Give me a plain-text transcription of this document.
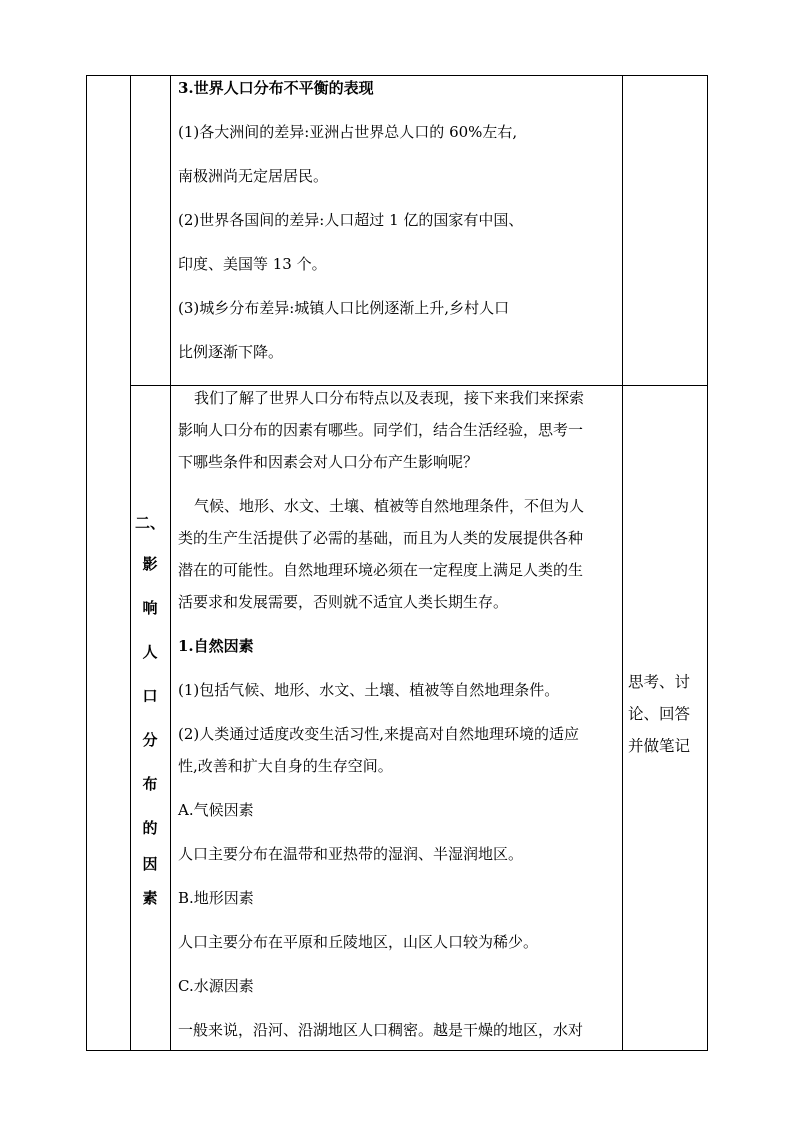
3.世界人口分布不平衡的表现
(1)各大洲间的差异:亚洲占世界总人口的 60%左右,
南极洲尚无定居居民。
(2)世界各国间的差异:人口超过 1 亿的国家有中国、
印度、美国等 13 个。
(3)城乡分布差异:城镇人口比例逐渐上升,乡村人口
比例逐渐下降。
二、
影
响
人
口
分
布
的
因
素
我们了解了世界人口分布特点以及表现，接下来我们来探索
影响人口分布的因素有哪些。同学们，结合生活经验，思考一
下哪些条件和因素会对人口分布产生影响呢？
气候、地形、水文、土壤、植被等自然地理条件，不但为人
类的生产生活提供了必需的基础，而且为人类的发展提供各种
潜在的可能性。自然地理环境必须在一定程度上满足人类的生
活要求和发展需要，否则就不适宜人类长期生存。
1.自然因素
(1)包括气候、地形、水文、土壤、植被等自然地理条件。
(2)人类通过适度改变生活习性,来提高对自然地理环境的适应
性,改善和扩大自身的生存空间。
A.气候因素
人口主要分布在温带和亚热带的湿润、半湿润地区。
B.地形因素
人口主要分布在平原和丘陵地区，山区人口较为稀少。
C.水源因素
一般来说，沿河、沿湖地区人口稠密。越是干燥的地区，水对
思考、讨
论、回答
并做笔记
